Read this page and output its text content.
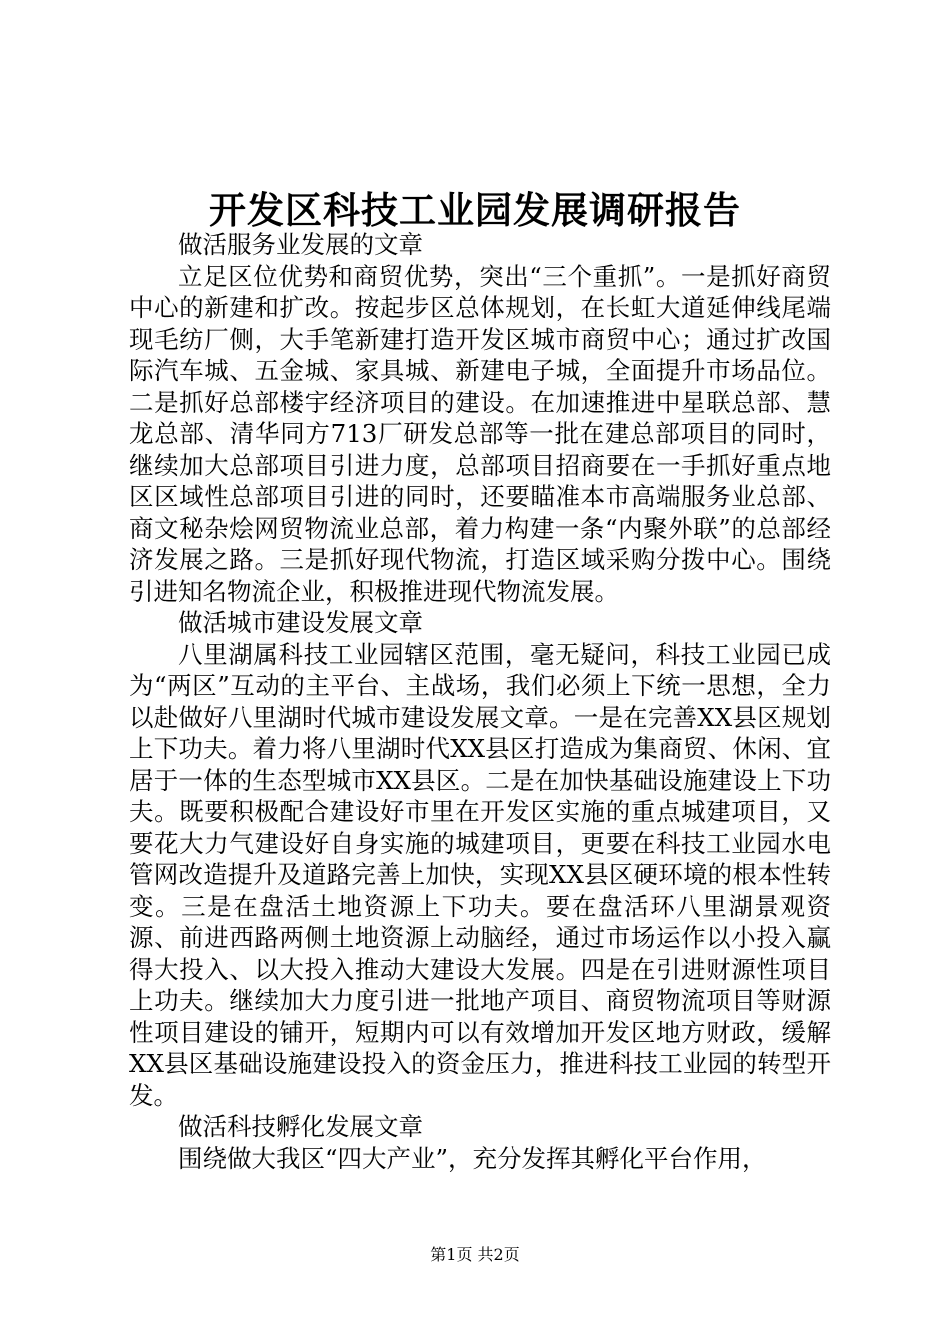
开发区科技工业园发展调研报告

做活服务业发展的文章

立足区位优势和商贸优势，突出“三个重抓”。一是抓好商贸中心的新建和扩改。按起步区总体规划，在长虹大道延伸线尾端现毛纺厂侧，大手笔新建打造开发区城市商贸中心；通过扩改国际汽车城、五金城、家具城、新建电子城，全面提升市场品位。二是抓好总部楼宇经济项目的建设。在加速推进中星联总部、慧龙总部、清华同方713厂研发总部等一批在建总部项目的同时，继续加大总部项目引进力度，总部项目招商要在一手抓好重点地区区域性总部项目引进的同时，还要瞄准本市高端服务业总部、商文秘杂烩网贸物流业总部，着力构建一条“内聚外联”的总部经济发展之路。三是抓好现代物流，打造区域采购分拨中心。围绕引进知名物流企业，积极推进现代物流发展。

做活城市建设发展文章

八里湖属科技工业园辖区范围，毫无疑问，科技工业园已成为“两区”互动的主平台、主战场，我们必须上下统一思想，全力以赴做好八里湖时代城市建设发展文章。一是在完善XX县区规划上下功夫。着力将八里湖时代XX县区打造成为集商贸、休闲、宜居于一体的生态型城市XX县区。二是在加快基础设施建设上下功夫。既要积极配合建设好市里在开发区实施的重点城建项目，又要花大力气建设好自身实施的城建项目，更要在科技工业园水电管网改造提升及道路完善上加快，实现XX县区硬环境的根本性转变。三是在盘活土地资源上下功夫。要在盘活环八里湖景观资源、前进西路两侧土地资源上动脑经，通过市场运作以小投入赢得大投入、以大投入推动大建设大发展。四是在引进财源性项目上功夫。继续加大力度引进一批地产项目、商贸物流项目等财源性项目建设的铺开，短期内可以有效增加开发区地方财政，缓解XX县区基础设施建设投入的资金压力，推进科技工业园的转型开发。

做活科技孵化发展文章

围绕做大我区“四大产业”，充分发挥其孵化平台作用，

第1页 共2页
